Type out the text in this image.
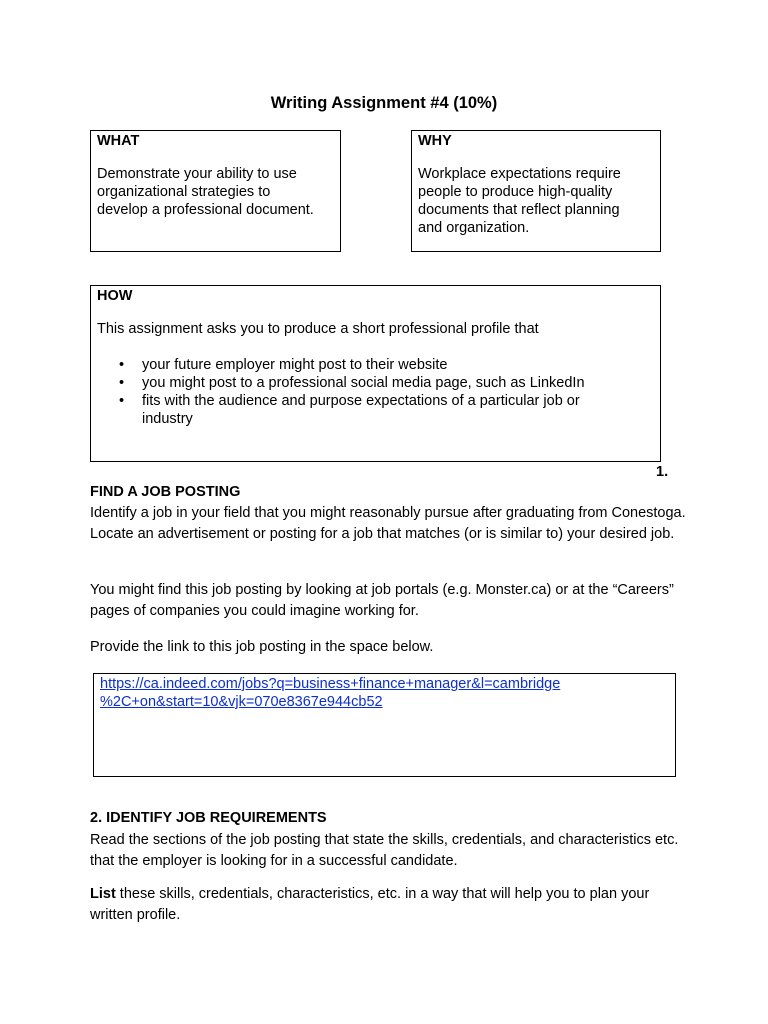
Writing Assignment #4 (10%)
WHAT
Demonstrate your ability to use
organizational strategies to
develop a professional document.
WHY
Workplace expectations require
people to produce high-quality
documents that reflect planning
and organization.
HOW
This assignment asks you to produce a short professional profile that
• your future employer might post to their website
• you might post to a professional social media page, such as LinkedIn
• fits with the audience and purpose expectations of a particular job or industry
1.
FIND A JOB POSTING
Identify a job in your field that you might reasonably pursue after graduating from Conestoga. Locate an advertisement or posting for a job that matches (or is similar to) your desired job.
You might find this job posting by looking at job portals (e.g. Monster.ca) or at the “Careers” pages of companies you could imagine working for.
Provide the link to this job posting in the space below.
https://ca.indeed.com/jobs?q=business+finance+manager&l=cambridge
%2C+on&start=10&vjk=070e8367e944cb52
2. IDENTIFY JOB REQUIREMENTS
Read the sections of the job posting that state the skills, credentials, and characteristics etc. that the employer is looking for in a successful candidate.
List these skills, credentials, characteristics, etc. in a way that will help you to plan your written profile.
